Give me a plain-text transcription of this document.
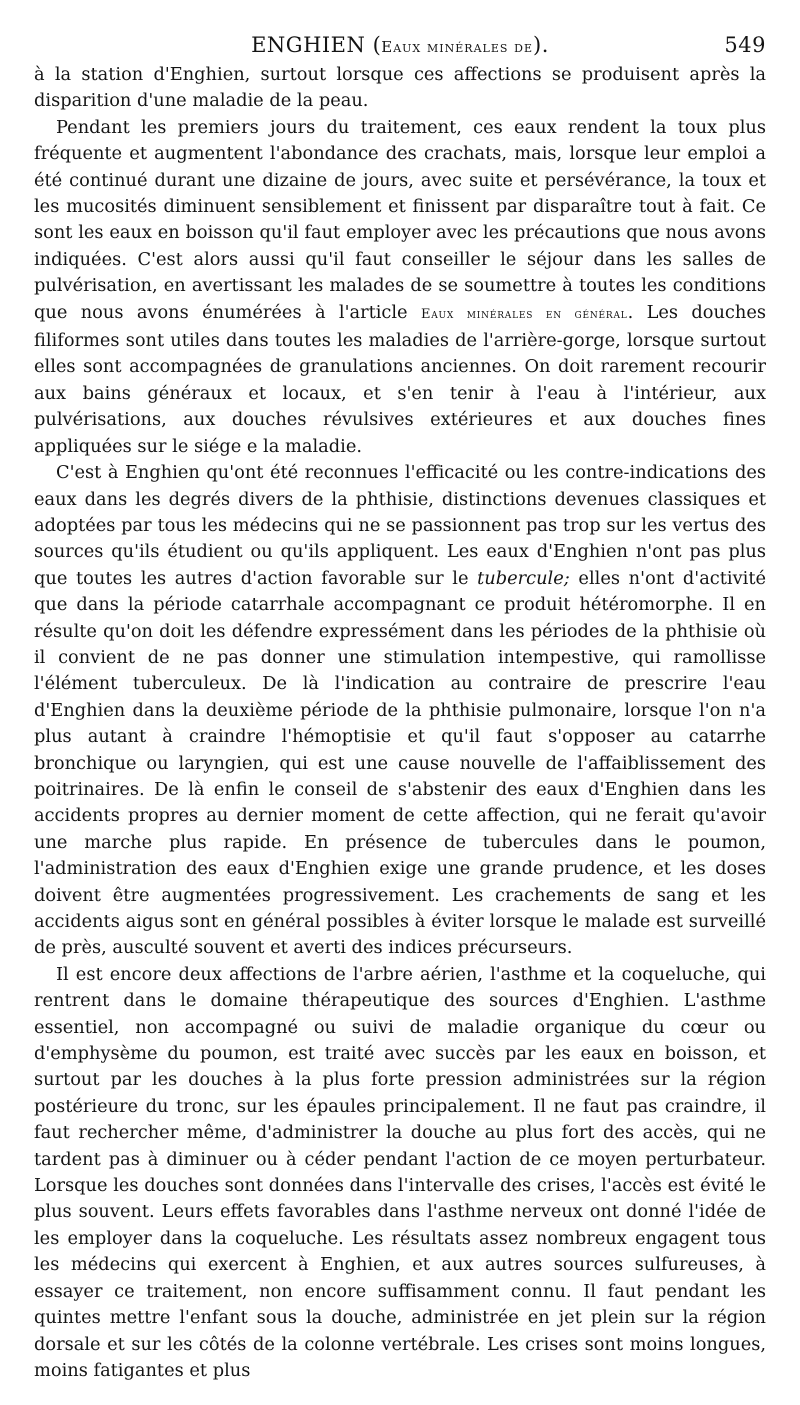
ENGHIEN (Eaux minérales de).	549

à la station d'Enghien, surtout lorsque ces affections se produisent après la disparition d'une maladie de la peau.

Pendant les premiers jours du traitement, ces eaux rendent la toux plus fréquente et augmentent l'abondance des crachats, mais, lorsque leur emploi a été continué durant une dizaine de jours, avec suite et persévérance, la toux et les mucosités diminuent sensiblement et finissent par disparaître tout à fait. Ce sont les eaux en boisson qu'il faut employer avec les précautions que nous avons indiquées. C'est alors aussi qu'il faut conseiller le séjour dans les salles de pulvérisation, en avertissant les malades de se soumettre à toutes les conditions que nous avons énumérées à l'article Eaux minérales en général. Les douches filiformes sont utiles dans toutes les maladies de l'arrière-gorge, lorsque surtout elles sont accompagnées de granulations anciennes. On doit rarement recourir aux bains généraux et locaux, et s'en tenir à l'eau à l'intérieur, aux pulvérisations, aux douches révulsives extérieures et aux douches fines appliquées sur le siége e la maladie.

C'est à Enghien qu'ont été reconnues l'efficacité ou les contre-indications des eaux dans les degrés divers de la phthisie, distinctions devenues classiques et adoptées par tous les médecins qui ne se passionnent pas trop sur les vertus des sources qu'ils étudient ou qu'ils appliquent. Les eaux d'Enghien n'ont pas plus que toutes les autres d'action favorable sur le tubercule; elles n'ont d'activité que dans la période catarrhale accompagnant ce produit hétéromorphe. Il en résulte qu'on doit les défendre expressément dans les périodes de la phthisie où il convient de ne pas donner une stimulation intempestive, qui ramollisse l'élément tuberculeux. De là l'indication au contraire de prescrire l'eau d'Enghien dans la deuxième période de la phthisie pulmonaire, lorsque l'on n'a plus autant à craindre l'hémoptisie et qu'il faut s'opposer au catarrhe bronchique ou laryngien, qui est une cause nouvelle de l'affaiblissement des poitrinaires. De là enfin le conseil de s'abstenir des eaux d'Enghien dans les accidents propres au dernier moment de cette affection, qui ne ferait qu'avoir une marche plus rapide. En présence de tubercules dans le poumon, l'administration des eaux d'Enghien exige une grande prudence, et les doses doivent être augmentées progressivement. Les crachements de sang et les accidents aigus sont en général possibles à éviter lorsque le malade est surveillé de près, ausculté souvent et averti des indices précurseurs.

Il est encore deux affections de l'arbre aérien, l'asthme et la coqueluche, qui rentrent dans le domaine thérapeutique des sources d'Enghien. L'asthme essentiel, non accompagné ou suivi de maladie organique du cœur ou d'emphysème du poumon, est traité avec succès par les eaux en boisson, et surtout par les douches à la plus forte pression administrées sur la région postérieure du tronc, sur les épaules principalement. Il ne faut pas craindre, il faut rechercher même, d'administrer la douche au plus fort des accès, qui ne tardent pas à diminuer ou à céder pendant l'action de ce moyen perturbateur. Lorsque les douches sont données dans l'intervalle des crises, l'accès est évité le plus souvent. Leurs effets favorables dans l'asthme nerveux ont donné l'idée de les employer dans la coqueluche. Les résultats assez nombreux engagent tous les médecins qui exercent à Enghien, et aux autres sources sulfureuses, à essayer ce traitement, non encore suffisamment connu. Il faut pendant les quintes mettre l'enfant sous la douche, administrée en jet plein sur la région dorsale et sur les côtés de la colonne vertébrale. Les crises sont moins longues, moins fatigantes et plus
